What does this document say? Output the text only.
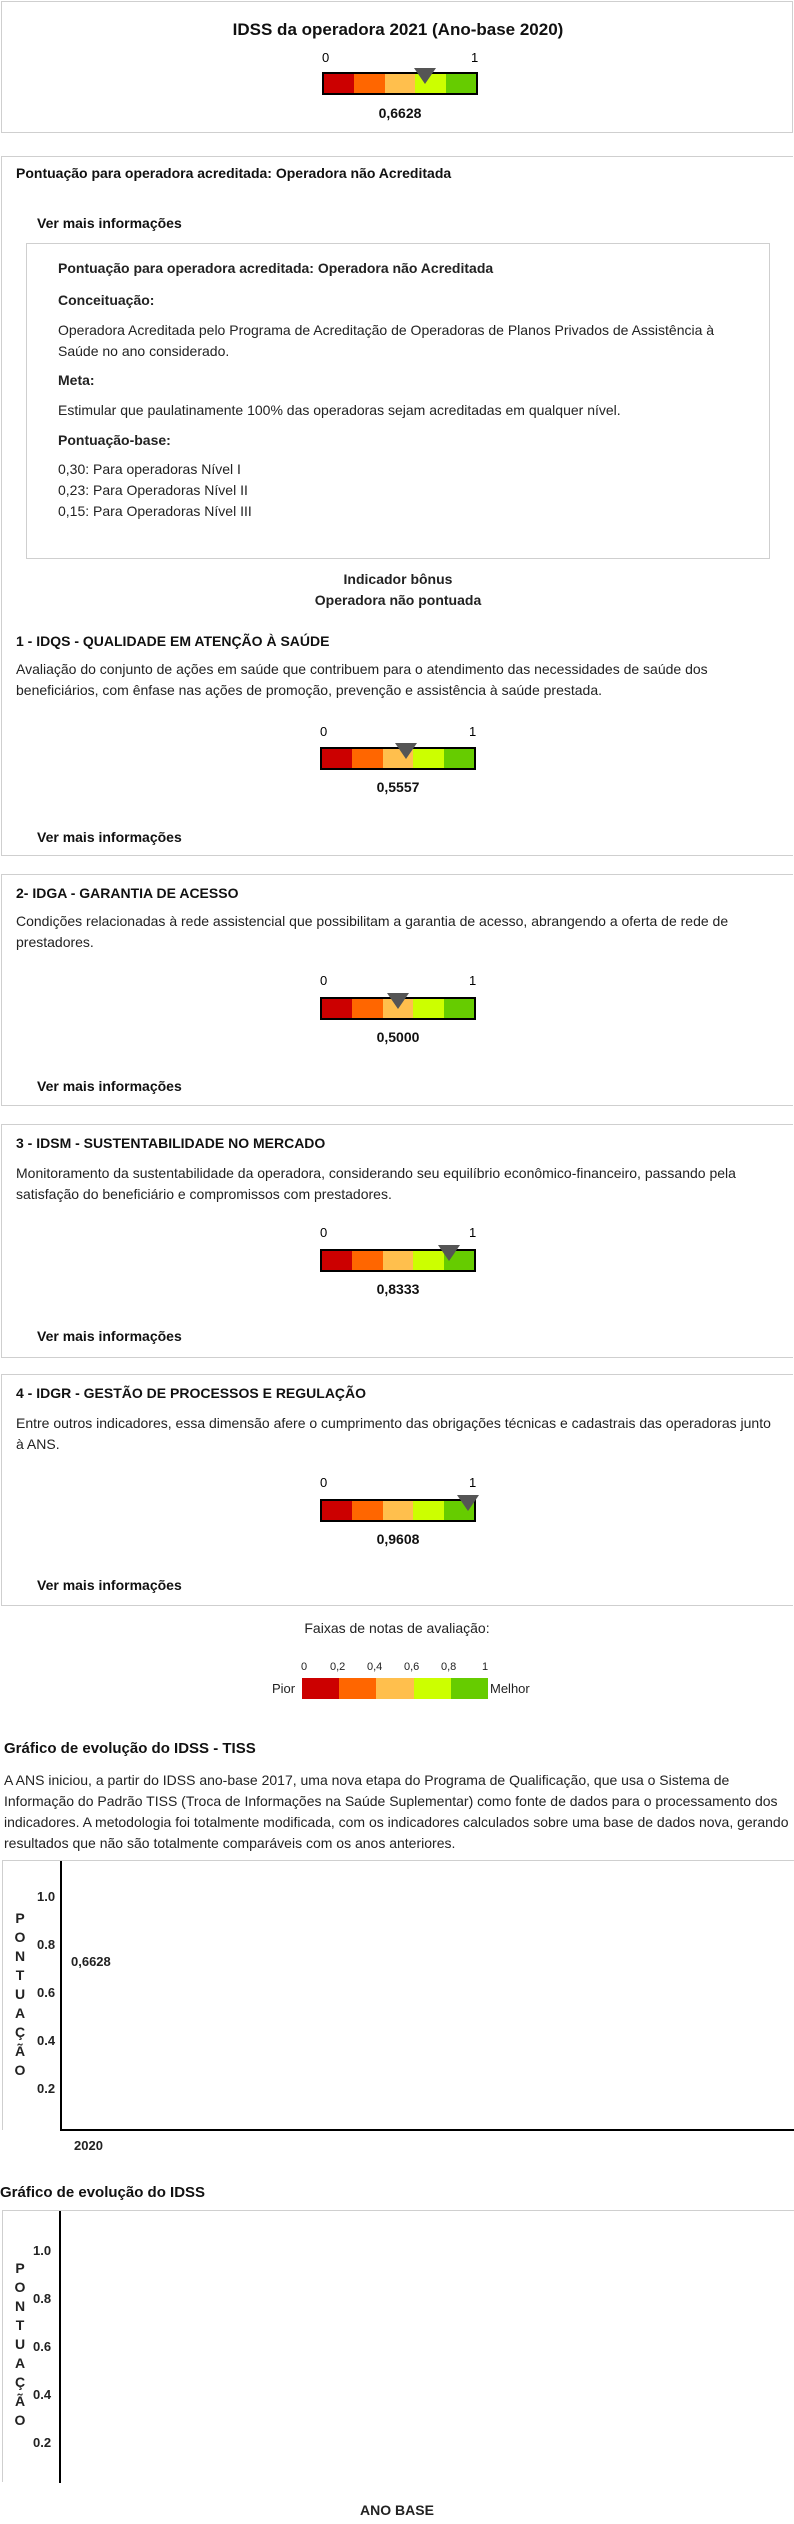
IDSS da operadora 2021 (Ano-base 2020)
0	1
0,6628
Pontuação para operadora acreditada: Operadora não Acreditada
Ver mais informações
Pontuação para operadora acreditada: Operadora não Acreditada
Conceituação:
Operadora Acreditada pelo Programa de Acreditação de Operadoras de Planos Privados de Assistência à
Saúde no ano considerado.
Meta:
Estimular que paulatinamente 100% das operadoras sejam acreditadas em qualquer nível.
Pontuação-base:
0,30: Para operadoras Nível I
0,23: Para Operadoras Nível II
0,15: Para Operadoras Nível III
Indicador bônus
Operadora não pontuada
1 - IDQS - QUALIDADE EM ATENÇÃO À SAÚDE
Avaliação do conjunto de ações em saúde que contribuem para o atendimento das necessidades de saúde dos
beneficiários, com ênfase nas ações de promoção, prevenção e assistência à saúde prestada.
0	1
0,5557
Ver mais informações
2- IDGA - GARANTIA DE ACESSO
Condições relacionadas à rede assistencial que possibilitam a garantia de acesso, abrangendo a oferta de rede de
prestadores.
0	1
0,5000
Ver mais informações
3 - IDSM - SUSTENTABILIDADE NO MERCADO
Monitoramento da sustentabilidade da operadora, considerando seu equilíbrio econômico-financeiro, passando pela
satisfação do beneficiário e compromissos com prestadores.
0	1
0,8333
Ver mais informações
4 - IDGR - GESTÃO DE PROCESSOS E REGULAÇÃO
Entre outros indicadores, essa dimensão afere o cumprimento das obrigações técnicas e cadastrais das operadoras junto
à ANS.
0	1
0,9608
Ver mais informações
Faixas de notas de avaliação:
0 0,2 0,4 0,6 0,8 1
Pior	Melhor
Gráfico de evolução do IDSS - TISS
A ANS iniciou, a partir do IDSS ano-base 2017, uma nova etapa do Programa de Qualificação, que usa o Sistema de
Informação do Padrão TISS (Troca de Informações na Saúde Suplementar) como fonte de dados para o processamento dos
indicadores. A metodologia foi totalmente modificada, com os indicadores calculados sobre uma base de dados nova, gerando
resultados que não são totalmente comparáveis com os anos anteriores.
P
O
N
T
U
A
Ç
Ã
O
1.0
0.8
0.6
0.4
0.2
0,6628
2020
Gráfico de evolução do IDSS
P
O
N
T
U
A
Ç
Ã
O
1.0
0.8
0.6
0.4
0.2
ANO BASE
